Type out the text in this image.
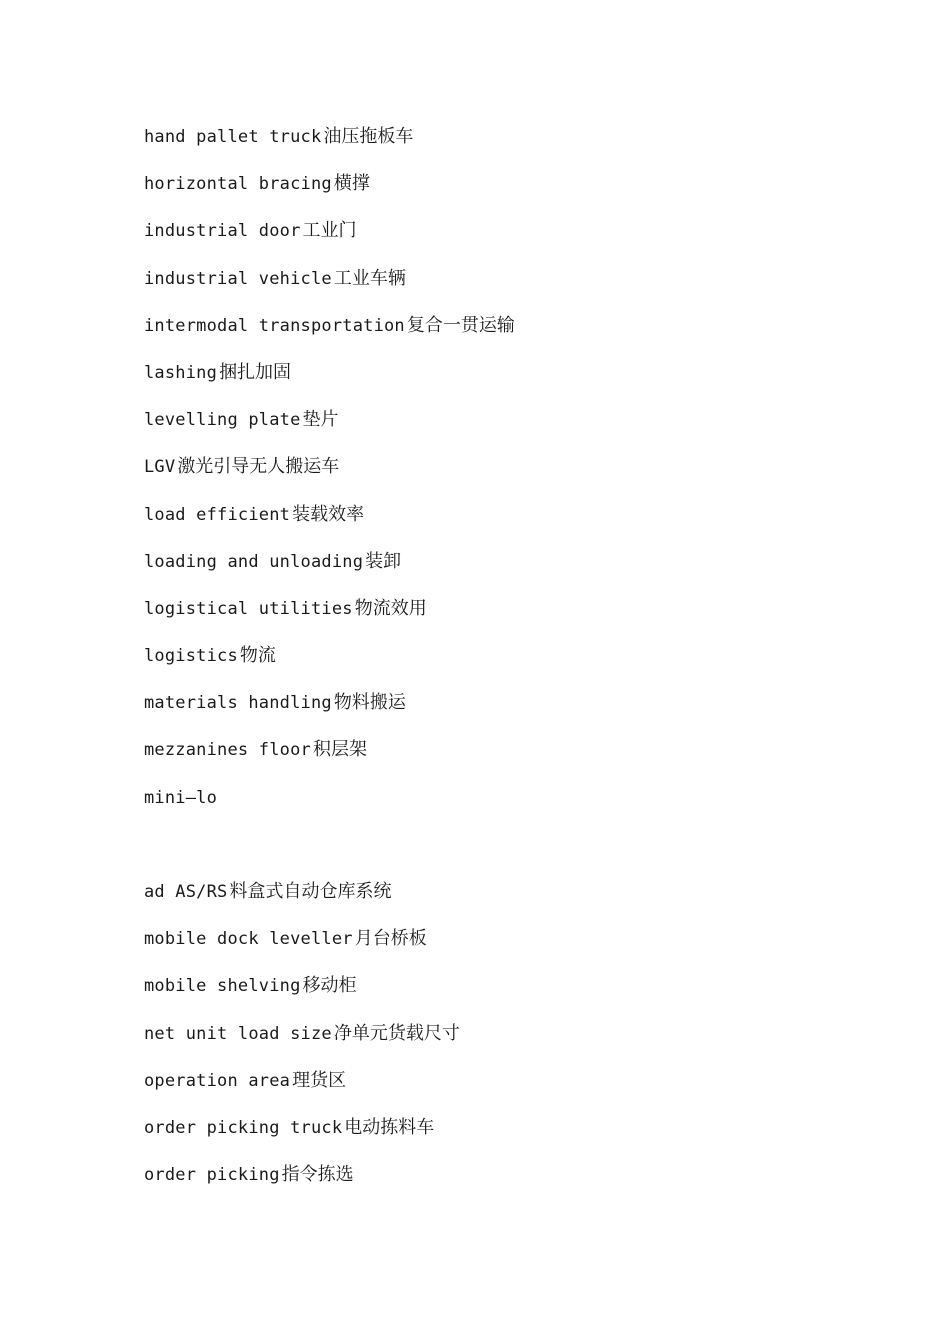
hand pallet truck 油压拖板车
horizontal bracing 横撑
industrial door 工业门
industrial vehicle 工业车辆
intermodal transportation 复合一贯运输
lashing 捆扎加固
levelling plate 垫片
LGV 激光引导无人搬运车
load efficient 装载效率
loading and unloading 装卸
logistical utilities 物流效用
logistics 物流
materials handling 物料搬运
mezzanines floor 积层架
mini—lo
ad AS/RS 料盒式自动仓库系统
mobile dock leveller 月台桥板
mobile shelving 移动柜
net unit load size 净单元货载尺寸
operation area 理货区
order picking truck 电动拣料车
order picking 指令拣选
